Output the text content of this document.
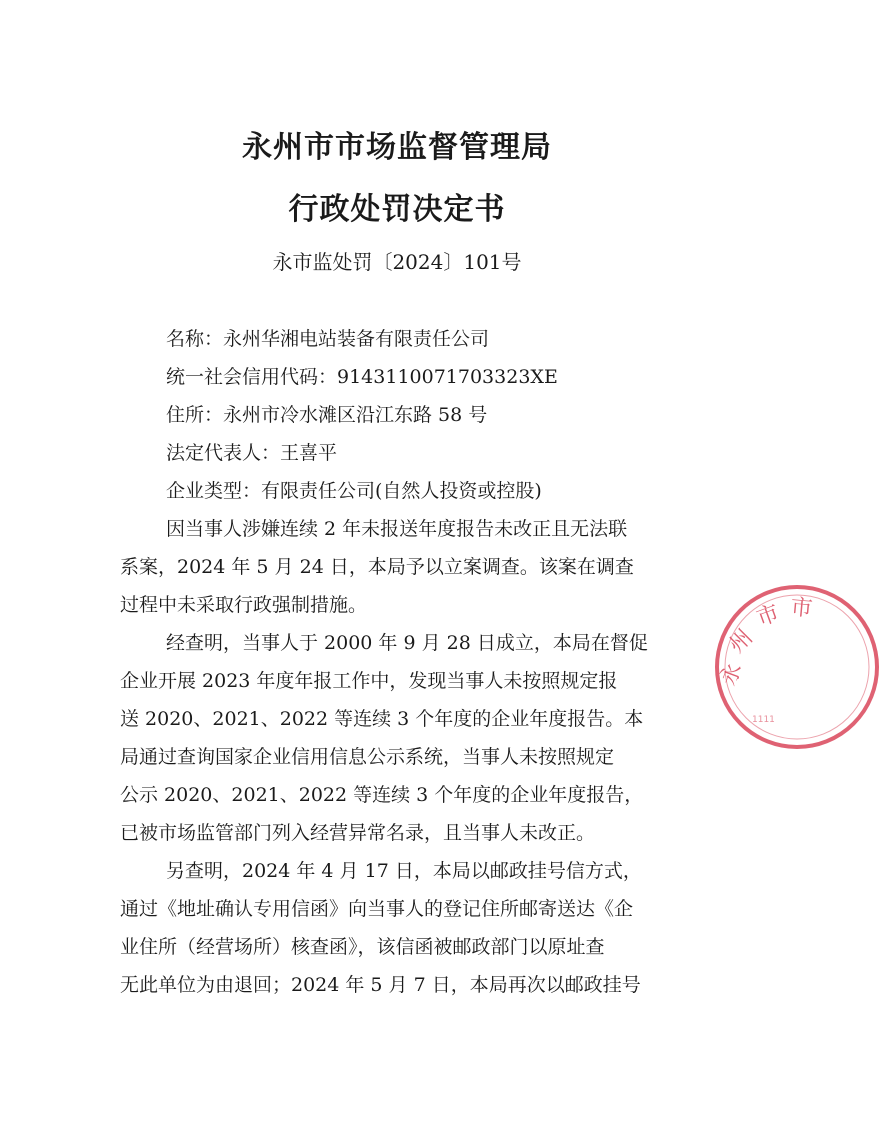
永州市市场监督管理局
行政处罚决定书
永市监处罚〔2024〕101号
名称：永州华湘电站装备有限责任公司
统一社会信用代码：9143110071703323XE
住所：永州市冷水滩区沿江东路 58 号
法定代表人：王喜平
企业类型：有限责任公司(自然人投资或控股)
因当事人涉嫌连续 2 年未报送年度报告未改正且无法联
系案，2024 年 5 月 24 日，本局予以立案调查。该案在调查
过程中未采取行政强制措施。
经查明，当事人于 2000 年 9 月 28 日成立，本局在督促
企业开展 2023 年度年报工作中，发现当事人未按照规定报
送 2020、2021、2022 等连续 3 个年度的企业年度报告。本
局通过查询国家企业信用信息公示系统，当事人未按照规定
公示 2020、2021、2022 等连续 3 个年度的企业年度报告，
已被市场监管部门列入经营异常名录，且当事人未改正。
另查明，2024 年 4 月 17 日，本局以邮政挂号信方式，
通过《地址确认专用信函》向当事人的登记住所邮寄送达《企
业住所（经营场所）核查函》，该信函被邮政部门以原址查
无此单位为由退回；2024 年 5 月 7 日，本局再次以邮政挂号
永
州
市 市
1111
